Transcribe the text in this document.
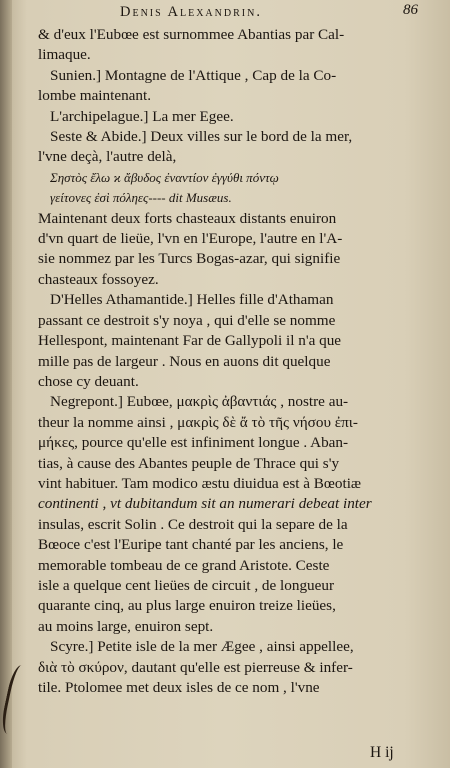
Denis Alexandrin.	86

& d'eux l'Eubœe est surnommee Abantias par Cal-

limaque.

Sunien.] Montagne de l'Attique , Cap de la Co-

lombe maintenant.

L'archipelague.] La mer Egee.

Seste & Abide.] Deux villes sur le bord de la mer,

l'vne deçà, l'autre delà,

Σηστὸς ἔλω ϰ ἄβυδος ἐναντίον ἐγγύθι πόντῳ

γείτονες ἐσὶ πόληες---- dit Musæus.

Maintenant deux forts chasteaux distants enuiron

d'vn quart de lieüe, l'vn en l'Europe, l'autre en l'A-

sie nommez par les Turcs Bogas-azar, qui signifie

chasteaux fossoyez.

D'Helles Athamantide.] Helles fille d'Athaman

passant ce destroit s'y noya , qui d'elle se nomme

Hellespont, maintenant Far de Gallypoli il n'a que

mille pas de largeur . Nous en auons dit quelque

chose cy deuant.

Negrepont.] Eubœe, μακρὶς ἀβαντιάς , nostre au-

theur la nomme ainsi , μακρὶς δὲ ἄ τὸ τῆς νήσου ἐπι-

μήκες, pource qu'elle est infiniment longue . Aban-

tias, à cause des Abantes peuple de Thrace qui s'y

vint habituer. Tam modico æstu diuidua est à Bœotiæ

continenti , vt dubitandum sit an numerari debeat inter

insulas, escrit Solin . Ce destroit qui la separe de la

Bœoce c'est l'Euripe tant chanté par les anciens, le

memorable tombeau de ce grand Aristote. Ceste

isle a quelque cent lieües de circuit , de longueur

quarante cinq, au plus large enuiron treize lieües,

au moins large, enuiron sept.

Scyre.] Petite isle de la mer Ægee , ainsi appellee,

διὰ τὸ σκύρον, dautant qu'elle est pierreuse & infer-

tile. Ptolomee met deux isles de ce nom , l'vne

H ij
